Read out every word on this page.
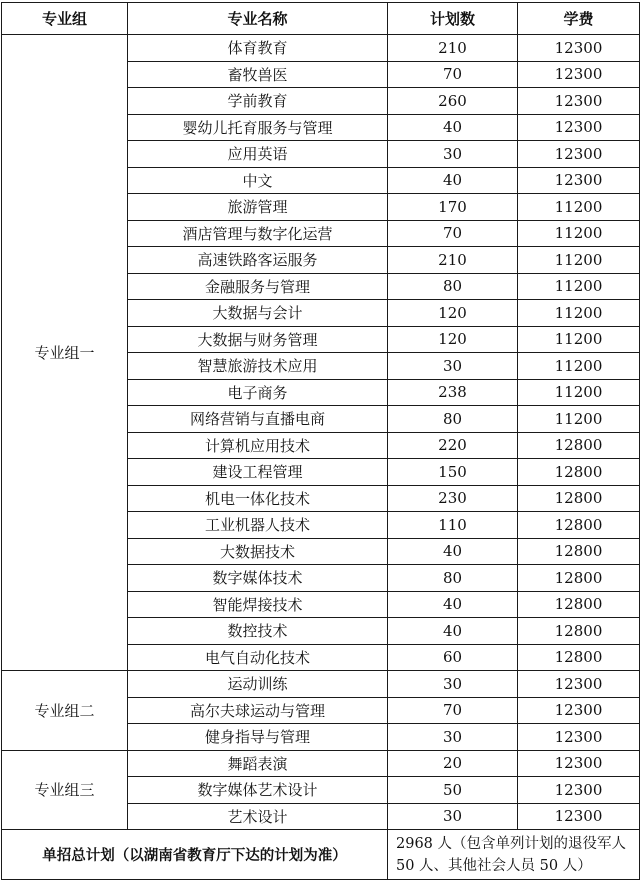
专业组	专业名称	计划数	学费
专业组一	体育教育	210	12300
	畜牧兽医	70	12300
	学前教育	260	12300
	婴幼儿托育服务与管理	40	12300
	应用英语	30	12300
	中文	40	12300
	旅游管理	170	11200
	酒店管理与数字化运营	70	11200
	高速铁路客运服务	210	11200
	金融服务与管理	80	11200
	大数据与会计	120	11200
	大数据与财务管理	120	11200
	智慧旅游技术应用	30	11200
	电子商务	238	11200
	网络营销与直播电商	80	11200
	计算机应用技术	220	12800
	建设工程管理	150	12800
	机电一体化技术	230	12800
	工业机器人技术	110	12800
	大数据技术	40	12800
	数字媒体技术	80	12800
	智能焊接技术	40	12800
	数控技术	40	12800
	电气自动化技术	60	12800
专业组二	运动训练	30	12300
	高尔夫球运动与管理	70	12300
	健身指导与管理	30	12300
专业组三	舞蹈表演	20	12300
	数字媒体艺术设计	50	12300
	艺术设计	30	12300
单招总计划（以湖南省教育厅下达的计划为准）		2968 人（包含单列计划的退役军人 50 人、其他社会人员 50 人）	
